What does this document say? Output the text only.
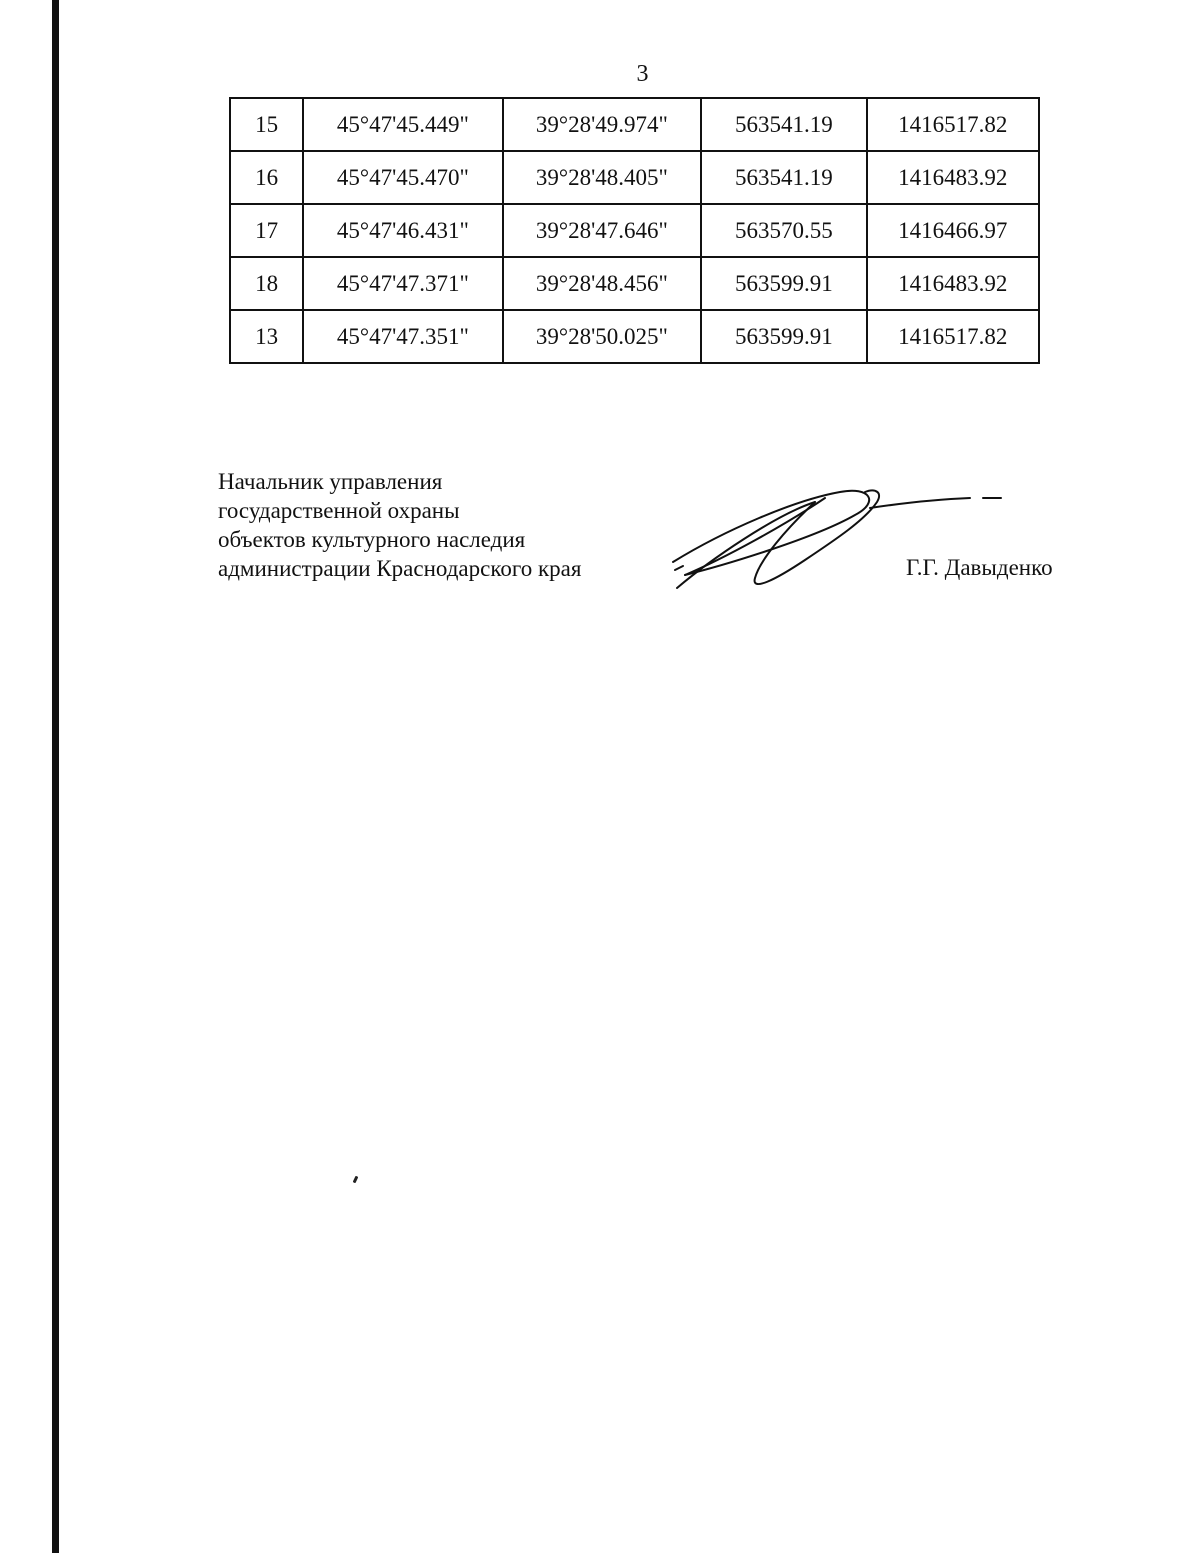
3
15	45°47'45.449"	39°28'49.974"	563541.19	1416517.82
16	45°47'45.470"	39°28'48.405"	563541.19	1416483.92
17	45°47'46.431"	39°28'47.646"	563570.55	1416466.97
18	45°47'47.371"	39°28'48.456"	563599.91	1416483.92
13	45°47'47.351"	39°28'50.025"	563599.91	1416517.82
Начальник управления
государственной охраны
объектов культурного наследия
администрации Краснодарского края	Г.Г. Давыденко
